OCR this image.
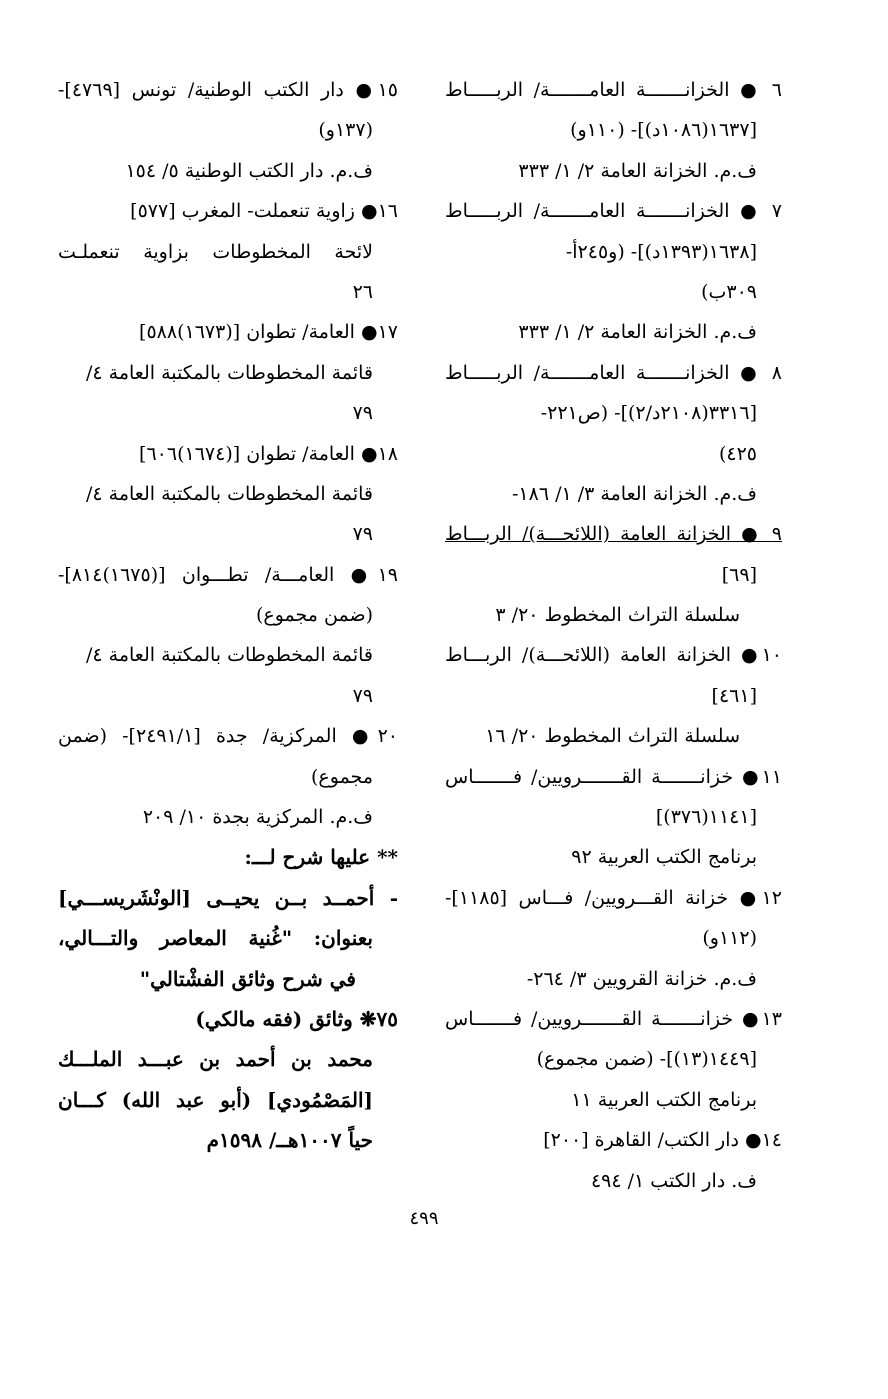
٦ ● الخزانـــــــة العامـــــــة/ الربـــــاط
[١٦٣٧(١٠٨٦د)]- (١١٠و)
ف.م. الخزانة العامة ٢/ ١/ ٣٣٣
٧ ● الخزانـــــــة العامـــــــة/ الربـــــاط
[١٦٣٨(١٣٩٣د)]- (و٢٤٥أ-
٣٠٩ب)
ف.م. الخزانة العامة ٢/ ١/ ٣٣٣
٨ ● الخزانـــــــة العامـــــــة/ الربـــــاط
[٣٣١٦(٢١٠٨د/٢)]- (ص٢٢١-
٤٢٥)
ف.م. الخزانة العامة ٣/ ١/ ١٨٦-
٩ ● الخزانة العامة (اللائحـــة)/ الربـــاط
[٦٩]
سلسلة التراث المخطوط ٢٠/ ٣
١٠● الخزانة العامة (اللائحـــة)/ الربـــاط
[٤٦١]
سلسلة التراث المخطوط ٢٠/ ١٦
١١● خزانـــــــة القـــــــرويين/ فـــــــاس
[١١٤١(٣٧٦)]
برنامج الكتب العربية ٩٢
١٢● خزانة القـــرويين/ فـــاس [١١٨٥]-
(١١٢و)
ف.م. خزانة القرويين ٣/ ٢٦٤-
١٣● خزانـــــــة القـــــــرويين/ فـــــــاس
[١٤٤٩(١٣)]- (ضمن مجموع)
برنامج الكتب العربية ١١
١٤● دار الكتب/ القاهرة [٢٠٠]
ف. دار الكتب ١/ ٤٩٤
١٥● دار الكتب الوطنية/ تونس [٤٧٦٩]-
(١٣٧و)
ف.م. دار الكتب الوطنية ٥/ ١٥٤
١٦● زاوية تنعملت- المغرب [٥٧٧]
لائحة المخطوطات بزاوية تنعملـت
٢٦
١٧● العامة/ تطوان [(١٦٧٣)٥٨٨]
قائمة المخطوطات بالمكتبة العامة ٤/
٧٩
١٨● العامة/ تطوان [(١٦٧٤)٦٠٦]
قائمة المخطوطات بالمكتبة العامة ٤/
٧٩
١٩● العامـــة/ تطـــوان [(١٦٧٥)٨١٤]-
(ضمن مجموع)
قائمة المخطوطات بالمكتبة العامة ٤/
٧٩
٢٠● المركزية/ جدة [٢٤٩١/١]- (ضمن
مجموع)
ف.م. المركزية بجدة ١٠/ ٢٠٩
** عليها شرح لـــ:
- أحمــد بــن يحيــى [الونْشَريســـي]
بعنوان: "غُنية المعاصر والتـــالي،
في شرح وثائق الفشْتالي"
٧٥❋ وثائق (فقه مالكي)
محمد بن أحمد بن عبـــد الملـــك
[المَصْمُودي] (أبو عبد الله) كـــان
حياً ١٠٠٧هــ/ ١٥٩٨م
٤٩٩
